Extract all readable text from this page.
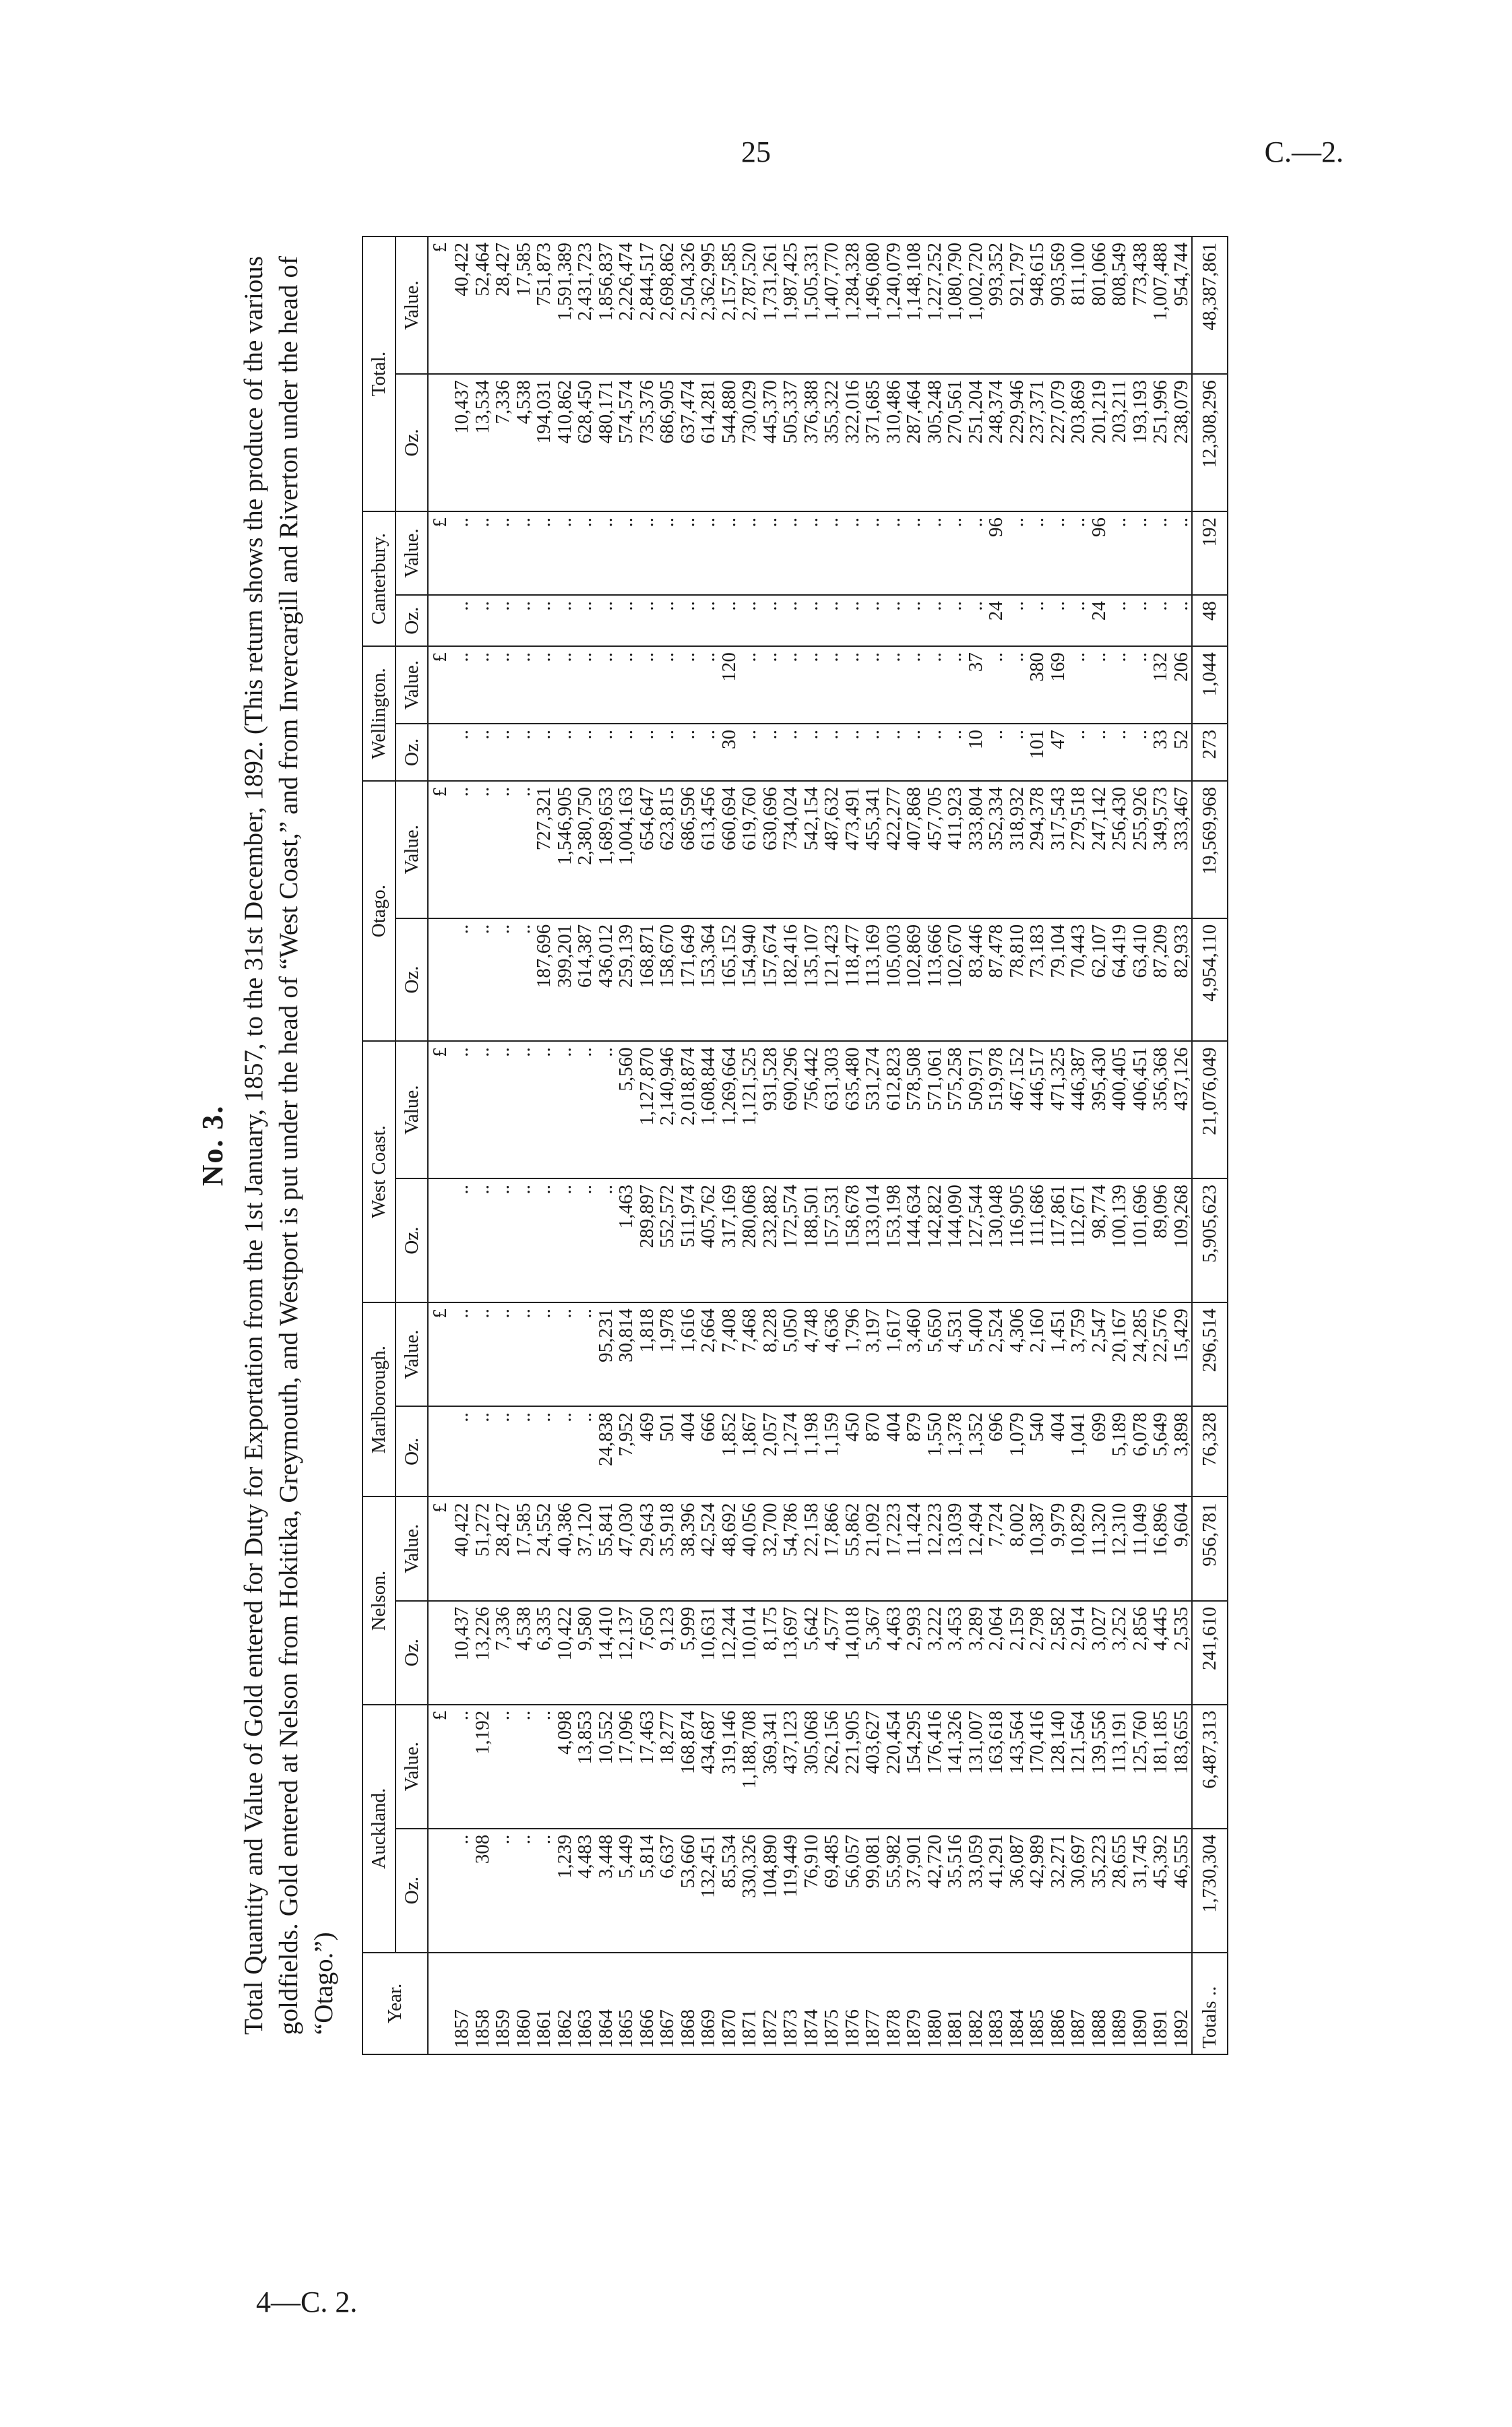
25	C.—2.
4—C. 2.
No. 3. Total Quantity and Value of Gold entered for Duty for Exportation from the 1st January, 1857, to the 31st December, 1892. (This return shows the produce of the various goldfields. Gold entered at Nelson from Hokitika, Greymouth, and Westport is put under the head of “West Coast,” and from Invercargill and Riverton under the head of “Otago.”) Year.	Auckland.		Nelson.		Marlborough.		West Coast.		Otago.		Wellington.		Canterbury.		Total.	
	Oz.	Value.	Oz.	Value.	Oz.	Value.	Oz.	Value.	Oz.	Value.	Oz.	Value.	Oz.	Value.	Oz.	Value.
		£		£		£		£		£		£		£		£
1857	..	..	10,437	40,422	..	..	..	..	..	..	..	..	..	..	10,437	40,422
1858	308	1,192	13,226	51,272	..	..	..	..	..	..	..	..	..	..	13,534	52,464
1859	..	..	7,336	28,427	..	..	..	..	..	..	..	..	..	..	7,336	28,427
1860	..	..	4,538	17,585	..	..	..	..	..	..	..	..	..	..	4,538	17,585
1861	..	..	6,335	24,552	..	..	..	..	187,696	727,321	..	..	..	..	194,031	751,873
1862	1,239	4,098	10,422	40,386	..	..	..	..	399,201	1,546,905	..	..	..	..	410,862	1,591,389
1863	4,483	13,853	9,580	37,120	..	..	..	..	614,387	2,380,750	..	..	..	..	628,450	2,431,723
1864	3,448	10,552	14,410	55,841	24,838	95,231	..	..	436,012	1,689,653	..	..	..	..	480,171	1,856,837
1865	5,449	17,096	12,137	47,030	7,952	30,814	1,463	5,560	259,139	1,004,163	..	..	..	..	574,574	2,226,474
1866	5,814	17,463	7,650	29,643	469	1,818	289,897	1,127,870	168,871	654,647	..	..	..	..	735,376	2,844,517
1867	6,637	18,277	9,123	35,918	501	1,978	552,572	2,140,946	158,670	623,815	..	..	..	..	686,905	2,698,862
1868	53,660	168,874	5,999	38,396	404	1,616	511,974	2,018,874	171,649	686,596	..	..	..	..	637,474	2,504,326
1869	132,451	434,687	10,631	42,524	666	2,664	405,762	1,608,844	153,364	613,456	..	..	..	..	614,281	2,362,995
1870	85,534	319,146	12,244	48,692	1,852	7,408	317,169	1,269,664	165,152	660,694	30	120	..	..	544,880	2,157,585
1871	330,326	1,188,708	10,014	40,056	1,867	7,468	280,068	1,121,525	154,940	619,760	..	..	..	..	730,029	2,787,520
1872	104,890	369,341	8,175	32,700	2,057	8,228	232,882	931,528	157,674	630,696	..	..	..	..	445,370	1,731,261
1873	119,449	437,123	13,697	54,786	1,274	5,050	172,574	690,296	182,416	734,024	..	..	..	..	505,337	1,987,425
1874	76,910	305,068	5,642	22,158	1,198	4,748	188,501	756,442	135,107	542,154	..	..	..	..	376,388	1,505,331
1875	69,485	262,156	4,577	17,866	1,159	4,636	157,531	631,303	121,423	487,632	..	..	..	..	355,322	1,407,770
1876	56,057	221,905	14,018	55,862	450	1,796	158,678	635,480	118,477	473,491	..	..	..	..	322,016	1,284,328
1877	99,081	403,627	5,367	21,092	870	3,197	133,014	531,274	113,169	455,341	..	..	..	..	371,685	1,496,080
1878	55,982	220,454	4,463	17,223	404	1,617	153,198	612,823	105,003	422,277	..	..	..	..	310,486	1,240,079
1879	37,901	154,295	2,993	11,424	879	3,460	144,634	578,508	102,869	407,868	..	..	..	..	287,464	1,148,108
1880	42,720	176,416	3,222	12,223	1,550	5,650	142,822	571,061	113,666	457,705	..	..	..	..	305,248	1,227,252
1881	35,516	141,326	3,453	13,039	1,378	4,531	144,090	575,258	102,670	411,923	..	..	..	..	270,561	1,080,790
1882	33,059	131,007	3,289	12,494	1,352	5,400	127,544	509,971	83,446	333,804	10	37	..	..	251,204	1,002,720
1883	41,291	163,618	2,064	7,724	696	2,524	130,048	519,978	87,478	352,334	..	..	24	96	248,374	993,352
1884	36,087	143,564	2,159	8,002	1,079	4,306	116,905	467,152	78,810	318,932	..	..	..	..	229,946	921,797
1885	42,989	170,416	2,798	10,387	540	2,160	111,686	446,517	73,183	294,378	101	380	..	..	237,371	948,615
1886	32,271	128,140	2,582	9,979	404	1,451	117,861	471,325	79,104	317,543	47	169	..	..	227,079	903,569
1887	30,697	121,564	2,914	10,829	1,041	3,759	112,671	446,387	70,443	279,518	..	..	..	..	203,869	811,100
1888	35,223	139,556	3,027	11,320	699	2,547	98,774	395,430	62,107	247,142	..	..	24	96	201,219	801,066
1889	28,655	113,191	3,252	12,310	5,189	20,167	100,139	400,405	64,419	256,430	..	..	..	..	203,211	808,549
1890	31,745	125,760	2,856	11,049	6,078	24,285	101,696	406,451	63,410	255,926	..	..	..	..	193,193	773,438
1891	45,392	181,185	4,445	16,896	5,649	22,576	89,096	356,368	87,209	349,573	33	132	..	..	251,996	1,007,488
1892	46,555	183,655	2,535	9,604	3,898	15,429	109,268	437,126	82,933	333,467	52	206	..	..	238,079	954,744
Totals ..	1,730,304	6,487,313	241,610	956,781	76,328	296,514	5,905,623	21,076,049	4,954,110	19,569,968	273	1,044	48	192	12,308,296	48,387,861
